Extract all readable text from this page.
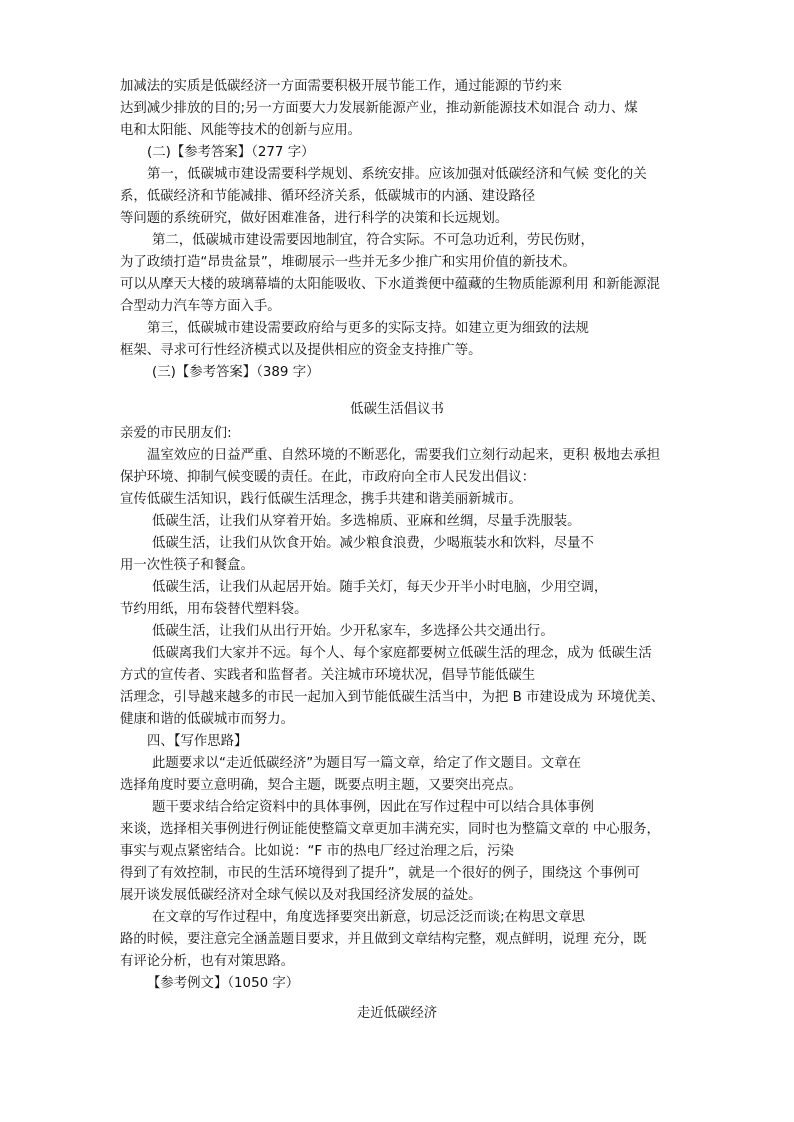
加减法的实质是低碳经济一方面需要积极开展节能工作，通过能源的节约来
达到减少排放的目的;另一方面要大力发展新能源产业，推动新能源技术如混合 动力、煤
电和太阳能、风能等技术的创新与应用。
(二)【参考答案】（277 字）
第一，低碳城市建设需要科学规划、系统安排。应该加强对低碳经济和气候 变化的关
系，低碳经济和节能减排、循环经济关系，低碳城市的内涵、建设路径
等问题的系统研究，做好困难准备，进行科学的决策和长远规划。
第二，低碳城市建设需要因地制宜，符合实际。不可急功近利，劳民伤财，
为了政绩打造“昂贵盆景”，堆砌展示一些并无多少推广和实用价值的新技术。
可以从摩天大楼的玻璃幕墙的太阳能吸收、下水道粪便中蕴藏的生物质能源利用 和新能源混
合型动力汽车等方面入手。
第三，低碳城市建设需要政府给与更多的实际支持。如建立更为细致的法规
框架、寻求可行性经济模式以及提供相应的资金支持推广等。
(三)【参考答案】（389 字）
低碳生活倡议书
亲爱的市民朋友们:
温室效应的日益严重、自然环境的不断恶化，需要我们立刻行动起来，更积 极地去承担
保护环境、抑制气候变暖的责任。在此，市政府向全市人民发出倡议：
宣传低碳生活知识，践行低碳生活理念，携手共建和谐美丽新城市。
低碳生活，让我们从穿着开始。多选棉质、亚麻和丝绸，尽量手洗服装。
低碳生活，让我们从饮食开始。减少粮食浪费，少喝瓶装水和饮料，尽量不
用一次性筷子和餐盒。
低碳生活，让我们从起居开始。随手关灯，每天少开半小时电脑，少用空调，
节约用纸，用布袋替代塑料袋。
低碳生活，让我们从出行开始。少开私家车，多选择公共交通出行。
低碳离我们大家并不远。每个人、每个家庭都要树立低碳生活的理念，成为 低碳生活
方式的宣传者、实践者和监督者。关注城市环境状况，倡导节能低碳生
活理念，引导越来越多的市民一起加入到节能低碳生活当中，为把 B 市建设成为 环境优美、
健康和谐的低碳城市而努力。
四、【写作思路】
此题要求以“走近低碳经济”为题目写一篇文章，给定了作文题目。文章在
选择角度时要立意明确，契合主题，既要点明主题，又要突出亮点。
题干要求结合给定资料中的具体事例，因此在写作过程中可以结合具体事例
来谈，选择相关事例进行例证能使整篇文章更加丰满充实，同时也为整篇文章的 中心服务，
事实与观点紧密结合。比如说：“F 市的热电厂经过治理之后，污染
得到了有效控制，市民的生活环境得到了提升”，就是一个很好的例子，围绕这 个事例可
展开谈发展低碳经济对全球气候以及对我国经济发展的益处。
在文章的写作过程中，角度选择要突出新意，切忌泛泛而谈;在构思文章思
路的时候，要注意完全涵盖题目要求，并且做到文章结构完整，观点鲜明，说理 充分，既
有评论分析，也有对策思路。
【参考例文】（1050 字）
走近低碳经济
